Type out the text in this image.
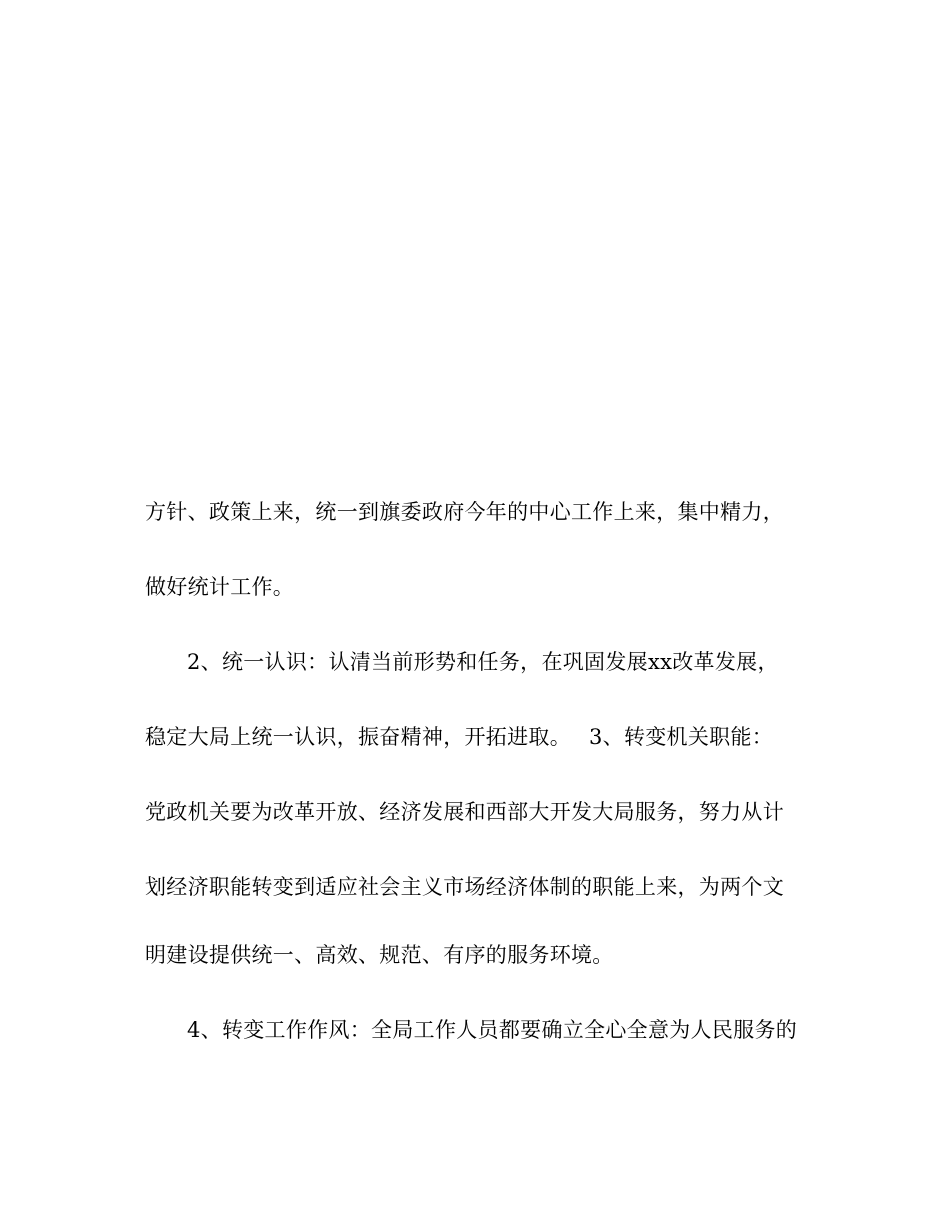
方针、政策上来，统一到旗委政府今年的中心工作上来，集中精力，
做好统计工作。
2、统一认识：认清当前形势和任务，在巩固发展xx改革发展，
稳定大局上统一认识，振奋精神，开拓进取。 3、转变机关职能：
党政机关要为改革开放、经济发展和西部大开发大局服务，努力从计
划经济职能转变到适应社会主义市场经济体制的职能上来，为两个文
明建设提供统一、高效、规范、有序的服务环境。
4、转变工作作风：全局工作人员都要确立全心全意为人民服务的
